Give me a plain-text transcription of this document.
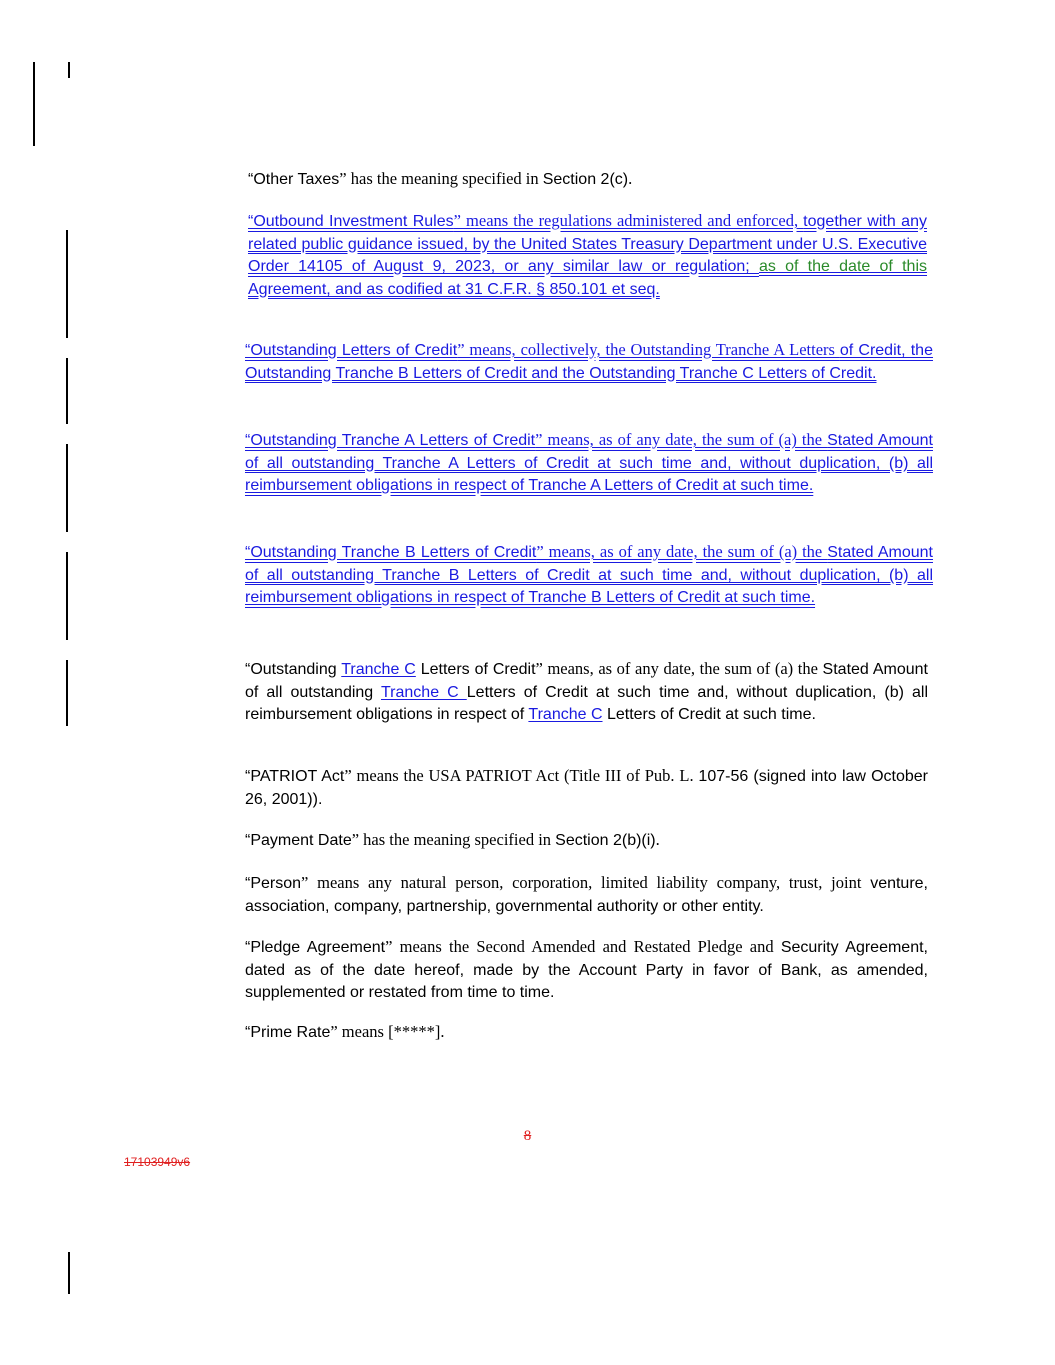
“Other Taxes” has the meaning specified in Section 2(c).

“Outbound Investment Rules” means the regulations administered and enforced, together with any related public guidance issued, by the United States Treasury Department under U.S. Executive Order 14105 of August 9, 2023, or any similar law or regulation; as of the date of this Agreement, and as codified at 31 C.F.R. § 850.101 et seq.

“Outstanding Letters of Credit” means, collectively, the Outstanding Tranche A Letters of Credit, the Outstanding Tranche B Letters of Credit and the Outstanding Tranche C Letters of Credit.

“Outstanding Tranche A Letters of Credit” means, as of any date, the sum of (a) the Stated Amount of all outstanding Tranche A Letters of Credit at such time and, without duplication, (b) all reimbursement obligations in respect of Tranche A Letters of Credit at such time.

“Outstanding Tranche B Letters of Credit” means, as of any date, the sum of (a) the Stated Amount of all outstanding Tranche B Letters of Credit at such time and, without duplication, (b) all reimbursement obligations in respect of Tranche B Letters of Credit at such time.

“Outstanding Tranche C Letters of Credit” means, as of any date, the sum of (a) the Stated Amount of all outstanding Tranche C Letters of Credit at such time and, without duplication, (b) all reimbursement obligations in respect of Tranche C Letters of Credit at such time.

“PATRIOT Act” means the USA PATRIOT Act (Title III of Pub. L. 107-56 (signed into law October 26, 2001)).

“Payment Date” has the meaning specified in Section 2(b)(i).

“Person” means any natural person, corporation, limited liability company, trust, joint venture, association, company, partnership, governmental authority or other entity.

“Pledge Agreement” means the Second Amended and Restated Pledge and Security Agreement, dated as of the date hereof, made by the Account Party in favor of Bank, as amended, supplemented or restated from time to time.

“Prime Rate” means [*****].

8
17103949v6
